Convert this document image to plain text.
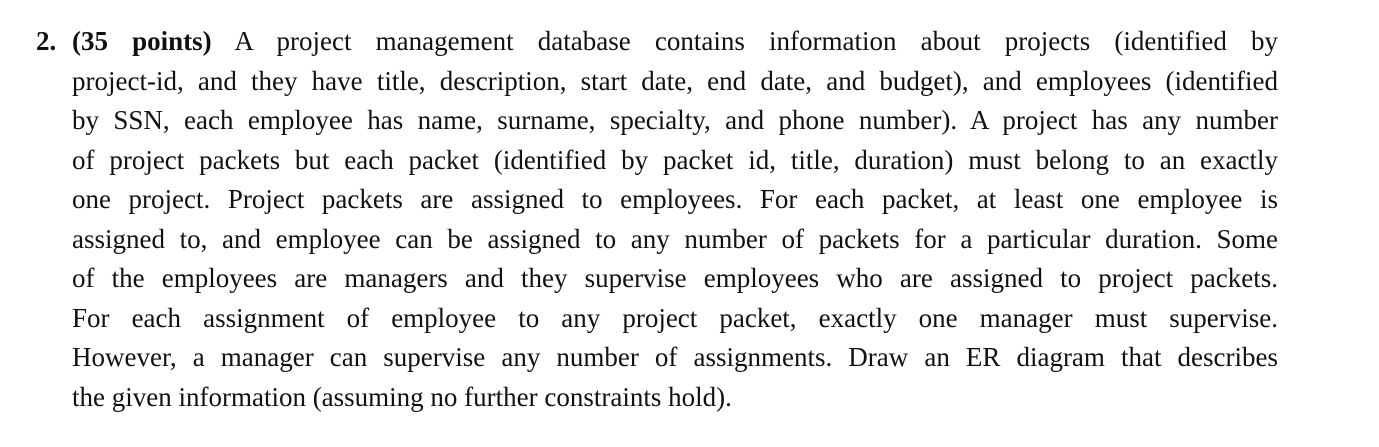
2. (35 points) A project management database contains information about projects (identified by
project-id, and they have title, description, start date, end date, and budget), and employees (identified
by SSN, each employee has name, surname, specialty, and phone number). A project has any number
of project packets but each packet (identified by packet id, title, duration) must belong to an exactly
one project. Project packets are assigned to employees. For each packet, at least one employee is
assigned to, and employee can be assigned to any number of packets for a particular duration. Some
of the employees are managers and they supervise employees who are assigned to project packets.
For each assignment of employee to any project packet, exactly one manager must supervise.
However, a manager can supervise any number of assignments. Draw an ER diagram that describes
the given information (assuming no further constraints hold).
